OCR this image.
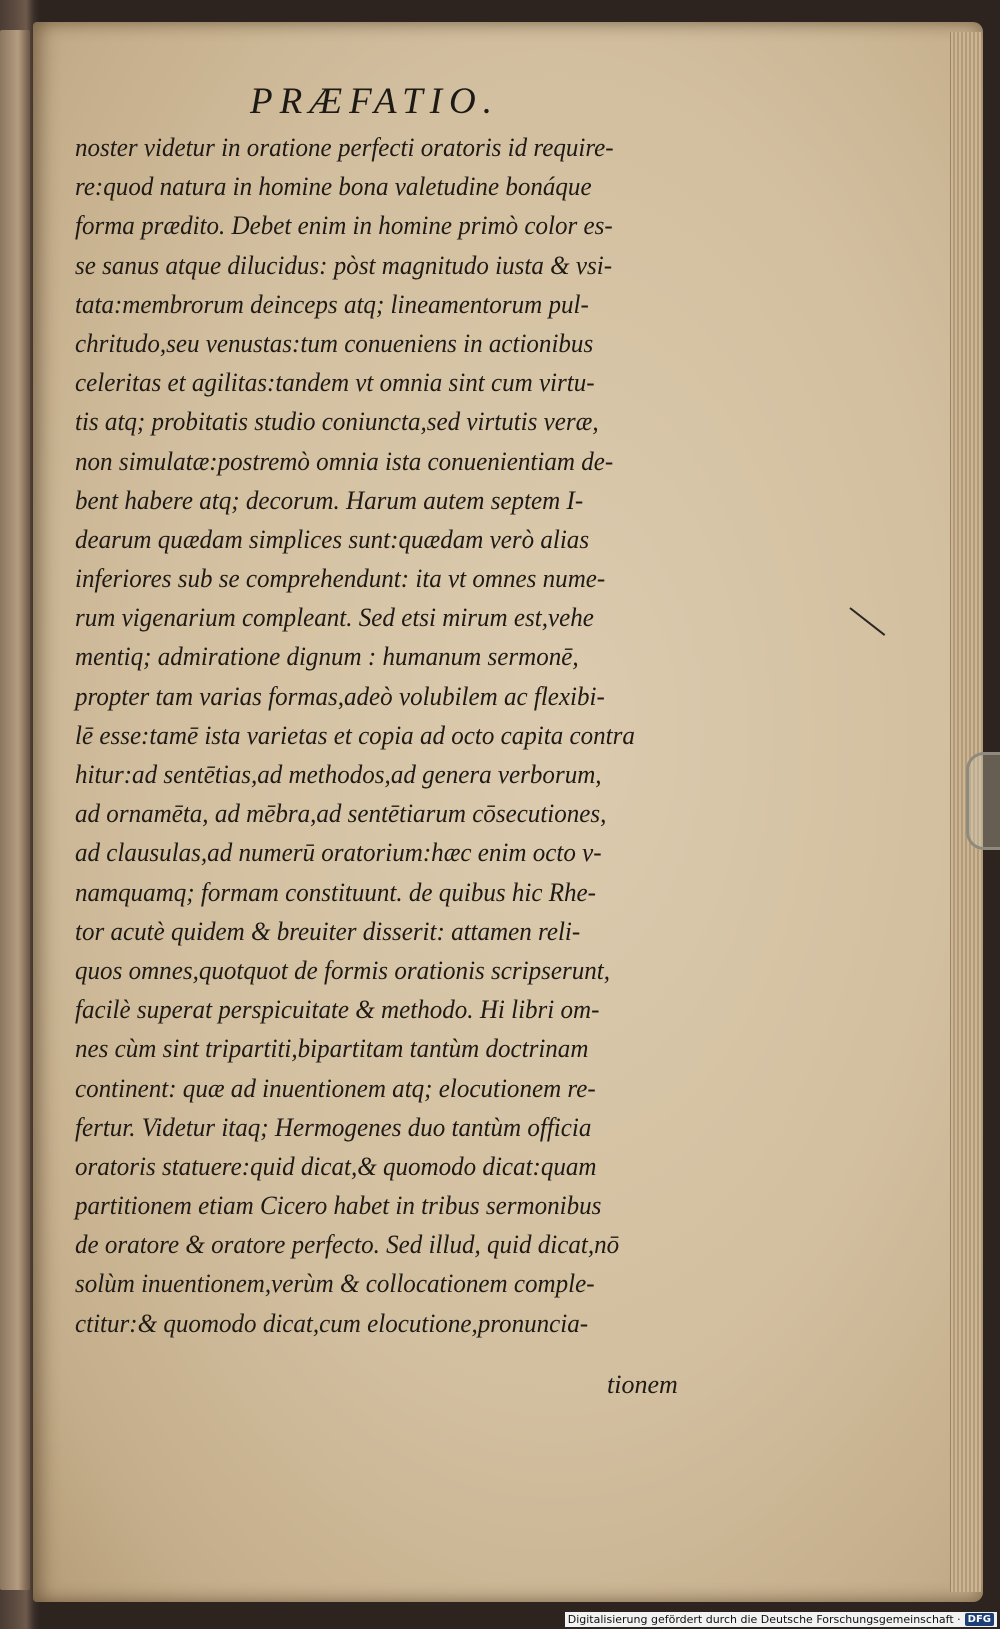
PRÆFATIO.
noster videtur in oratione perfecti oratoris id require-
re:quod natura in homine bona valetudine bonáque
forma prædito. Debet enim in homine primò color es-
se sanus atque dilucidus: pòst magnitudo iusta & vsi-
tata:membrorum deinceps atq; lineamentorum pul-
chritudo,seu venustas:tum conueniens in actionibus
celeritas et agilitas:tandem vt omnia sint cum virtu-
tis atq; probitatis studio coniuncta,sed virtutis veræ,
non simulatæ:postremò omnia ista conuenientiam de-
bent habere atq; decorum. Harum autem septem I-
dearum quædam simplices sunt:quædam verò alias
inferiores sub se comprehendunt: ita vt omnes nume-
rum vigenarium compleant. Sed etsi mirum est,vehe
mentiq; admiratione dignum : humanum sermonē,
propter tam varias formas,adeò volubilem ac flexibi-
lē esse:tamē ista varietas et copia ad octo capita contra
hitur:ad sentētias,ad methodos,ad genera verborum,
ad ornamēta, ad mēbra,ad sentētiarum cōsecutiones,
ad clausulas,ad numerū oratorium:hæc enim octo v-
namquamq; formam constituunt. de quibus hic Rhe-
tor acutè quidem & breuiter disserit: attamen reli-
quos omnes,quotquot de formis orationis scripserunt,
facilè superat perspicuitate & methodo. Hi libri om-
nes cùm sint tripartiti,bipartitam tantùm doctrinam
continent: quæ ad inuentionem atq; elocutionem re-
fertur. Videtur itaq; Hermogenes duo tantùm officia
oratoris statuere:quid dicat,& quomodo dicat:quam
partitionem etiam Cicero habet in tribus sermonibus
de oratore & oratore perfecto. Sed illud, quid dicat,nō
solùm inuentionem,verùm & collocationem comple-
ctitur:& quomodo dicat,cum elocutione,pronuncia-
tionem
Digitalisierung gefördert durch die Deutsche Forschungsgemeinschaft · DFG
